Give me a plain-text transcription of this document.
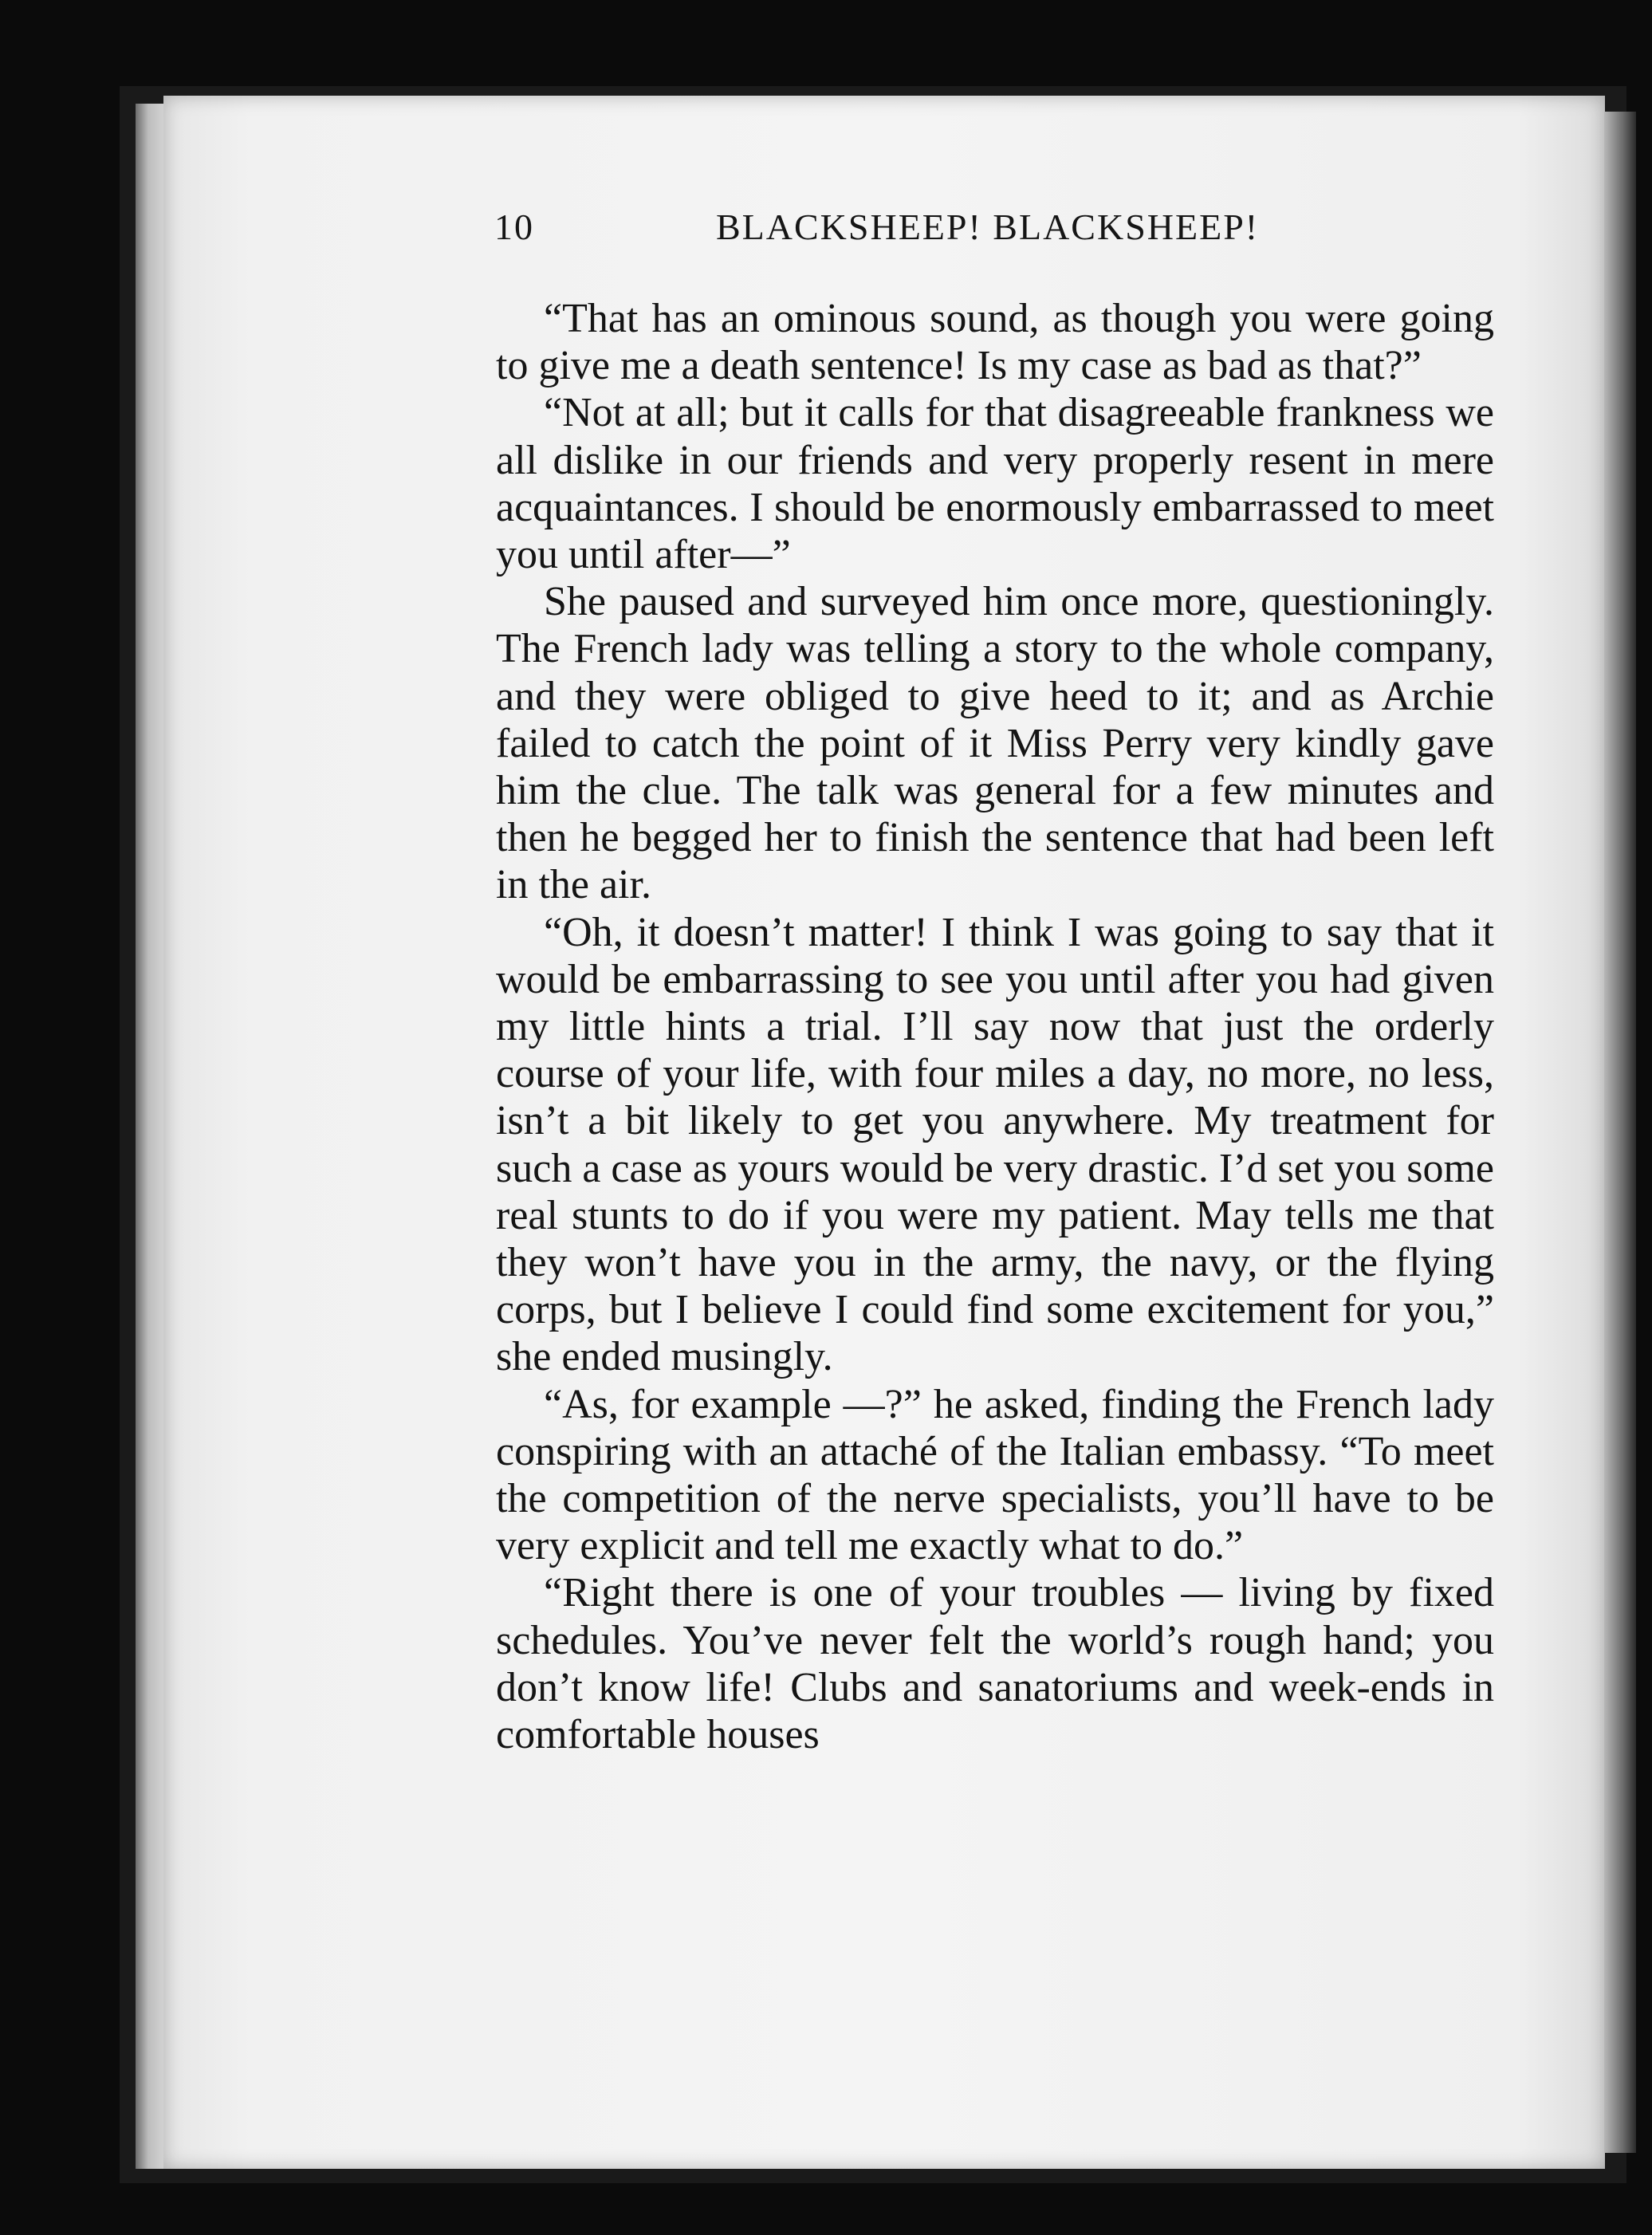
10	BLACKSHEEP! BLACKSHEEP!

“That has an ominous sound, as though you were going to give me a death sentence! Is my case as bad as that?”

“Not at all; but it calls for that disagreeable frankness we all dislike in our friends and very properly resent in mere acquaintances. I should be enormously embarrassed to meet you until after—”

She paused and surveyed him once more, questioningly. The French lady was telling a story to the whole company, and they were obliged to give heed to it; and as Archie failed to catch the point of it Miss Perry very kindly gave him the clue. The talk was general for a few minutes and then he begged her to finish the sentence that had been left in the air.

“Oh, it doesn’t matter! I think I was going to say that it would be embarrassing to see you until after you had given my little hints a trial. I’ll say now that just the orderly course of your life, with four miles a day, no more, no less, isn’t a bit likely to get you anywhere. My treatment for such a case as yours would be very drastic. I’d set you some real stunts to do if you were my patient. May tells me that they won’t have you in the army, the navy, or the flying corps, but I believe I could find some excitement for you,” she ended musingly.

“As, for example —?” he asked, finding the French lady conspiring with an attaché of the Italian embassy. “To meet the competition of the nerve specialists, you’ll have to be very explicit and tell me exactly what to do.”

“Right there is one of your troubles — living by fixed schedules. You’ve never felt the world’s rough hand; you don’t know life! Clubs and sanatoriums and week-ends in comfortable houses
